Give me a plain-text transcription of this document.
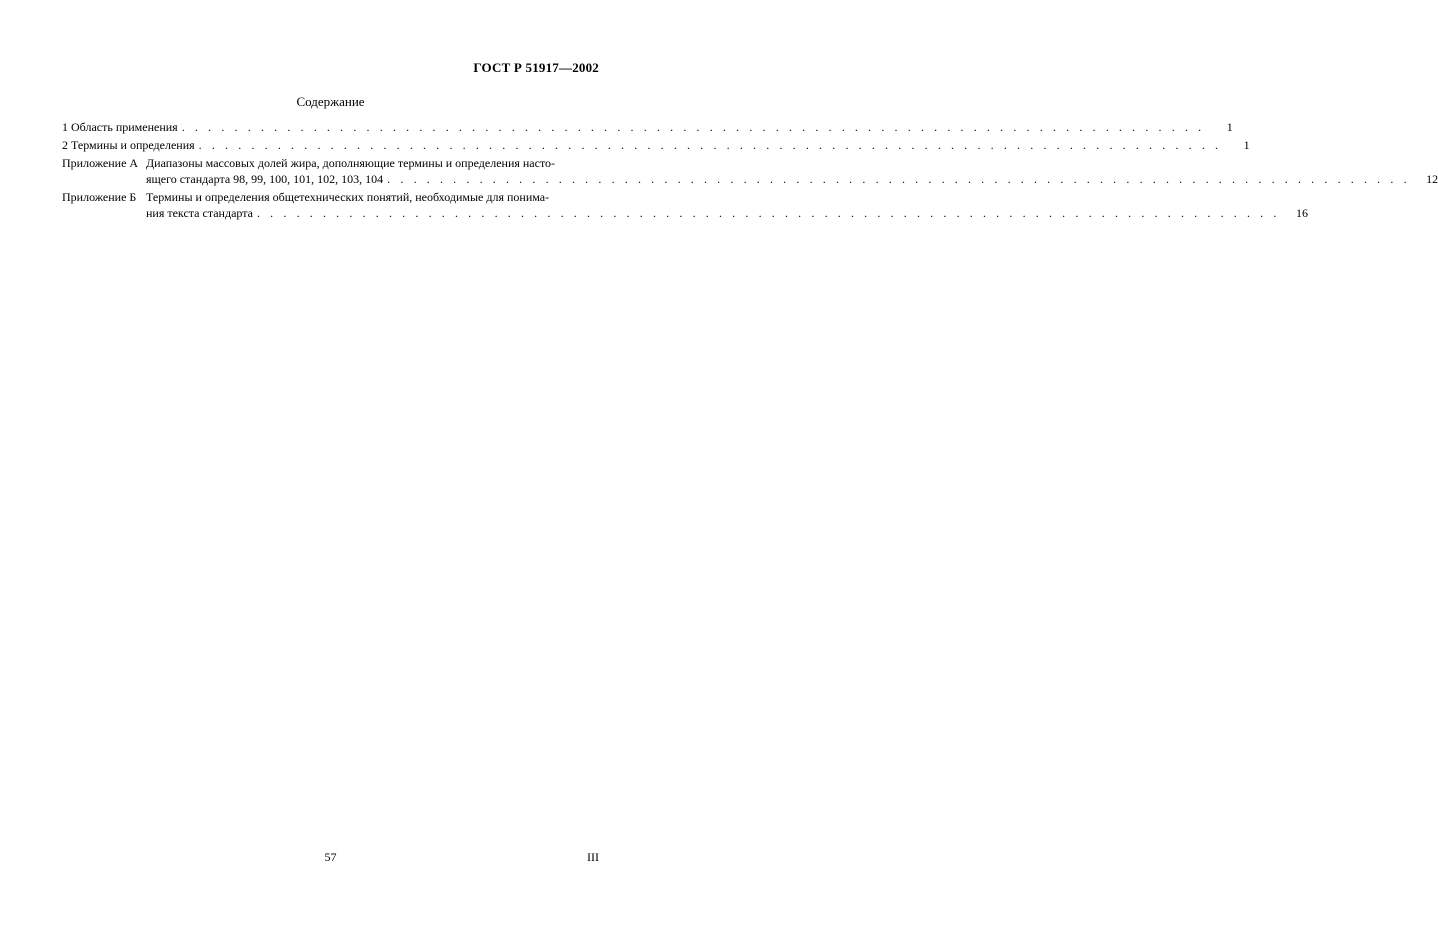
ГОСТ Р 51917—2002
Содержание
1 Область применения . . .	1
2 Термины и определения . . .	1
Приложение А Диапазоны массовых долей жира, дополняющие термины и определения насто-
ящего стандарта 98, 99, 100, 101, 102, 103, 104 . . .	12
Приложение Б Термины и определения общетехнических понятий, необходимые для понима-
ния текста стандарта . . .	16
57	III
